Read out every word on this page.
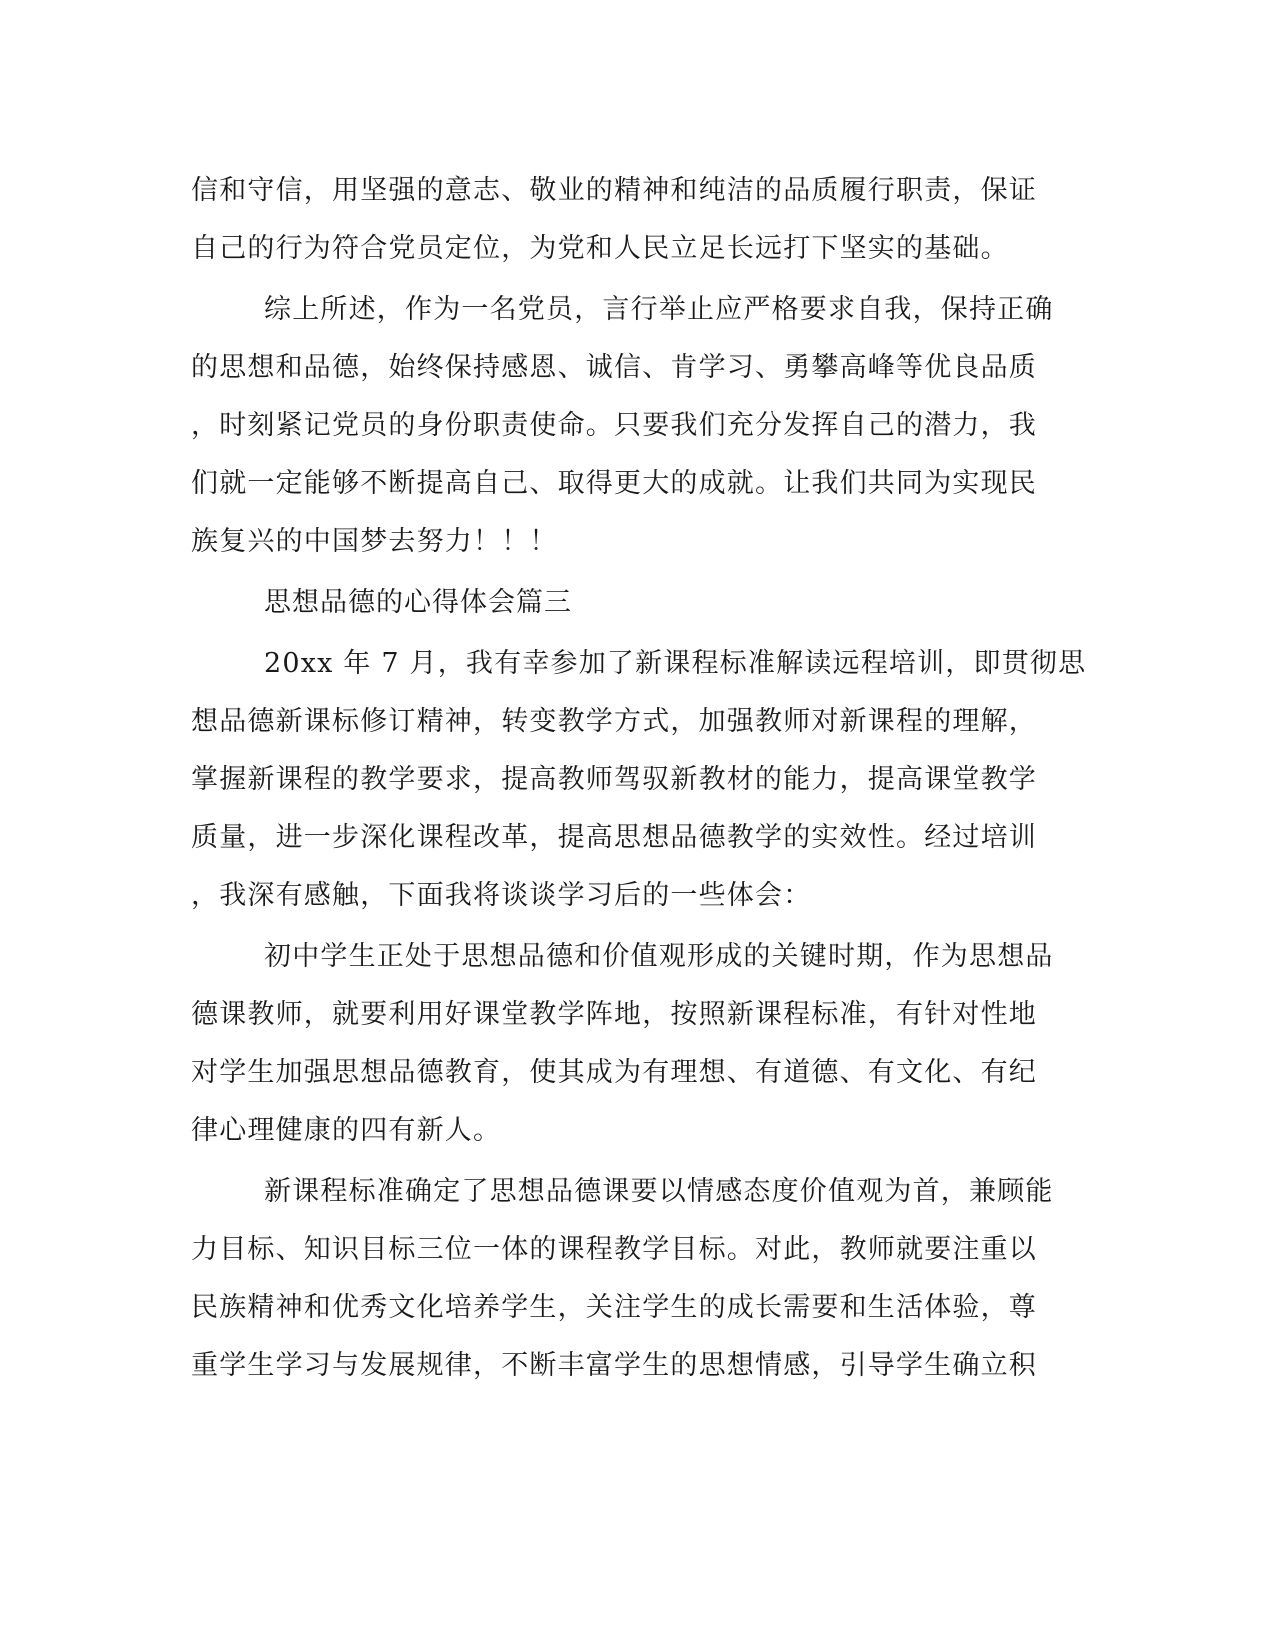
信和守信，用坚强的意志、敬业的精神和纯洁的品质履行职责，保证
自己的行为符合党员定位，为党和人民立足长远打下坚实的基础。
综上所述，作为一名党员，言行举止应严格要求自我，保持正确
的思想和品德，始终保持感恩、诚信、肯学习、勇攀高峰等优良品质
，时刻紧记党员的身份职责使命。只要我们充分发挥自己的潜力，我
们就一定能够不断提高自己、取得更大的成就。让我们共同为实现民
族复兴的中国梦去努力！！！
思想品德的心得体会篇三
20xx 年 7 月，我有幸参加了新课程标准解读远程培训，即贯彻思
想品德新课标修订精神，转变教学方式，加强教师对新课程的理解，
掌握新课程的教学要求，提高教师驾驭新教材的能力，提高课堂教学
质量，进一步深化课程改革，提高思想品德教学的实效性。经过培训
，我深有感触，下面我将谈谈学习后的一些体会：
初中学生正处于思想品德和价值观形成的关键时期，作为思想品
德课教师，就要利用好课堂教学阵地，按照新课程标准，有针对性地
对学生加强思想品德教育，使其成为有理想、有道德、有文化、有纪
律心理健康的四有新人。
新课程标准确定了思想品德课要以情感态度价值观为首，兼顾能
力目标、知识目标三位一体的课程教学目标。对此，教师就要注重以
民族精神和优秀文化培养学生，关注学生的成长需要和生活体验，尊
重学生学习与发展规律，不断丰富学生的思想情感，引导学生确立积
